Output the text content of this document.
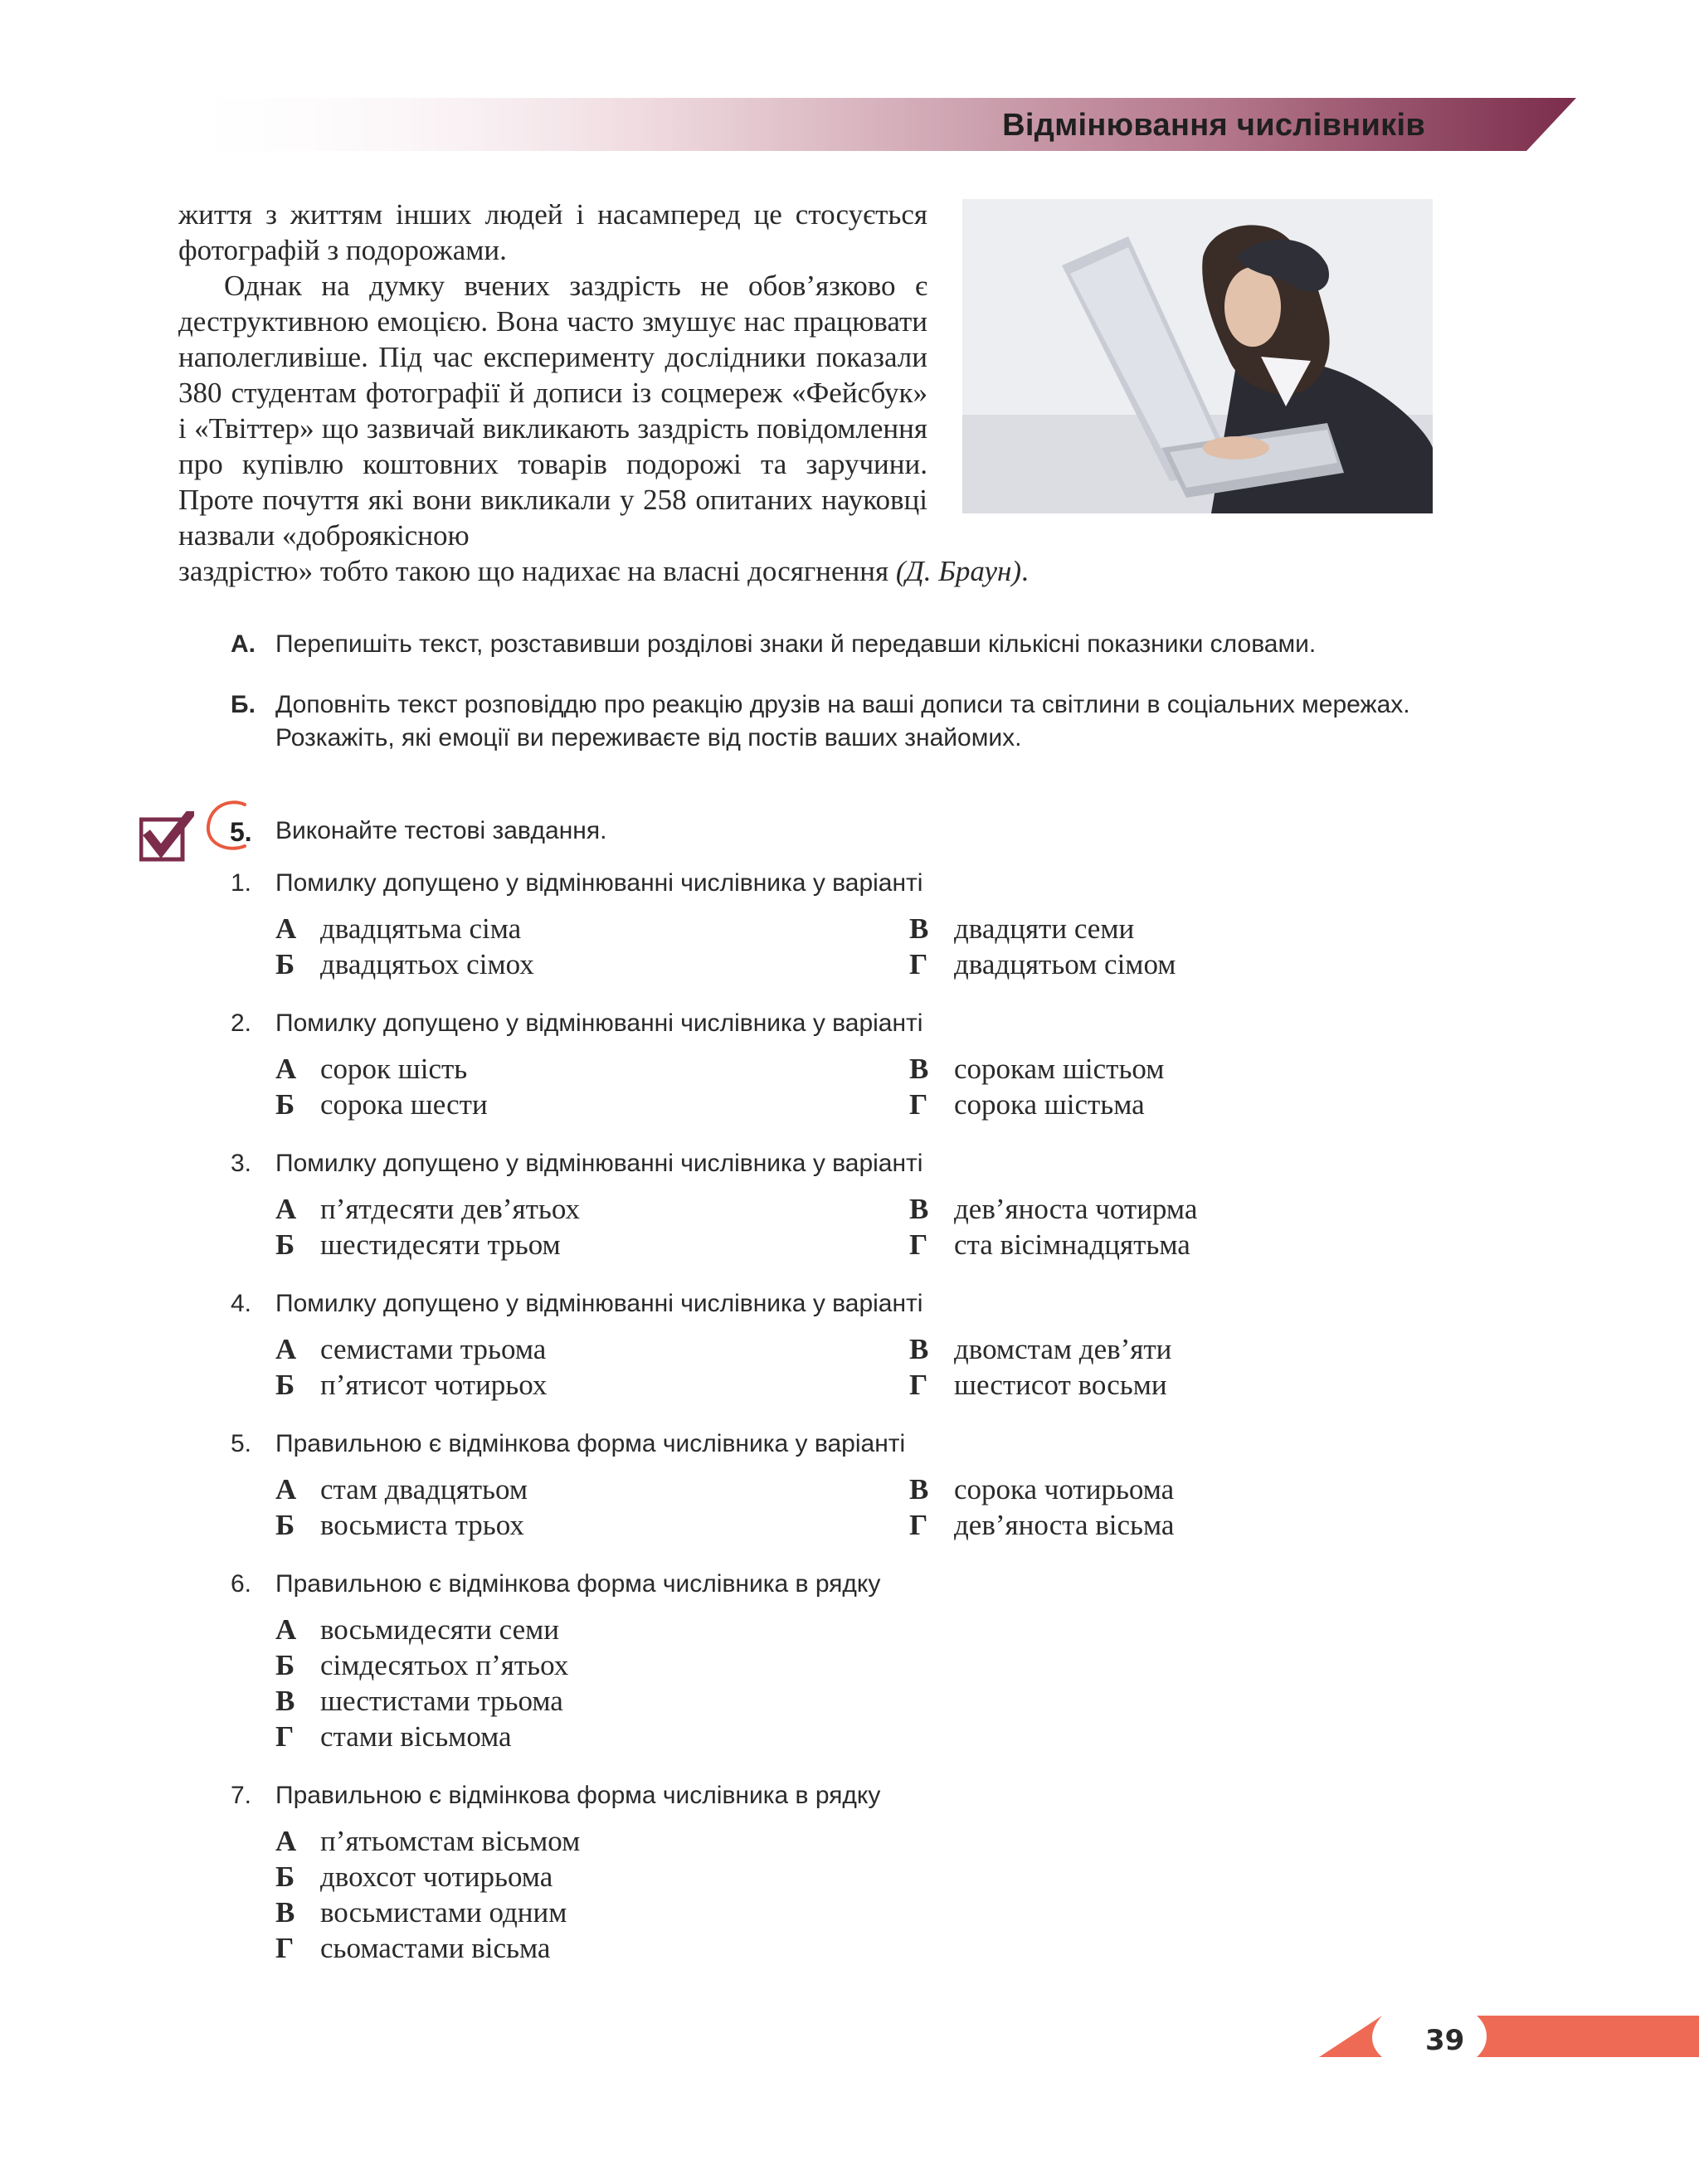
Відмінювання числівників

життя з життям інших людей і насамперед це стосується фотографій з подорожами.

Однак на думку вчених заздрість не обов’язково є деструктивною емоцією. Вона часто змушує нас працювати наполегливіше. Під час експерименту дослідники показали 380 студентам фотографії й дописи із соцмереж «Фейсбук» і «Твіттер» що зазвичай викликають заздрість повідомлення про купівлю коштовних товарів подорожі та заручини. Проте почуття які вони викликали у 258 опитаних науковці назвали «доброякісною

заздрістю» тобто такою що надихає на власні досягнення (Д. Браун).

А. Перепишіть текст, розставивши розділові знаки й передавши кількісні показники словами.
Б. Доповніть текст розповіддю про реакцію друзів на ваші дописи та світлини в соціальних мережах. Розкажіть, які емоції ви переживаєте від постів ваших знайомих.
5. Виконайте тестові завдання.
1. Помилку допущено у відмінюванні числівника у варіанті
А двадцятьма сіма
Б двадцятьох сімох
В двадцяти семи
Г двадцятьом сімом
2. Помилку допущено у відмінюванні числівника у варіанті
А сорок шість
Б сорока шести
В сорокам шістьом
Г сорока шістьма
3. Помилку допущено у відмінюванні числівника у варіанті
А п’ятдесяти дев’ятьох
Б шестидесяти трьом
В дев’яноста чотирма
Г ста вісімнадцятьма
4. Помилку допущено у відмінюванні числівника у варіанті
А семистами трьома
Б п’ятисот чотирьох
В двомстам дев’яти
Г шестисот восьми
5. Правильною є відмінкова форма числівника у варіанті
А стам двадцятьом
Б восьмиста трьох
В сорока чотирьома
Г дев’яноста вісьма
6. Правильною є відмінкова форма числівника в рядку
А восьмидесяти семи
Б сімдесятьох п’ятьох
В шестистами трьома
Г стами вісьмома
7. Правильною є відмінкова форма числівника в рядку
А п’ятьомстам вісьмом
Б двохсот чотирьома
В восьмистами одним
Г сьомастами вісьма
39
